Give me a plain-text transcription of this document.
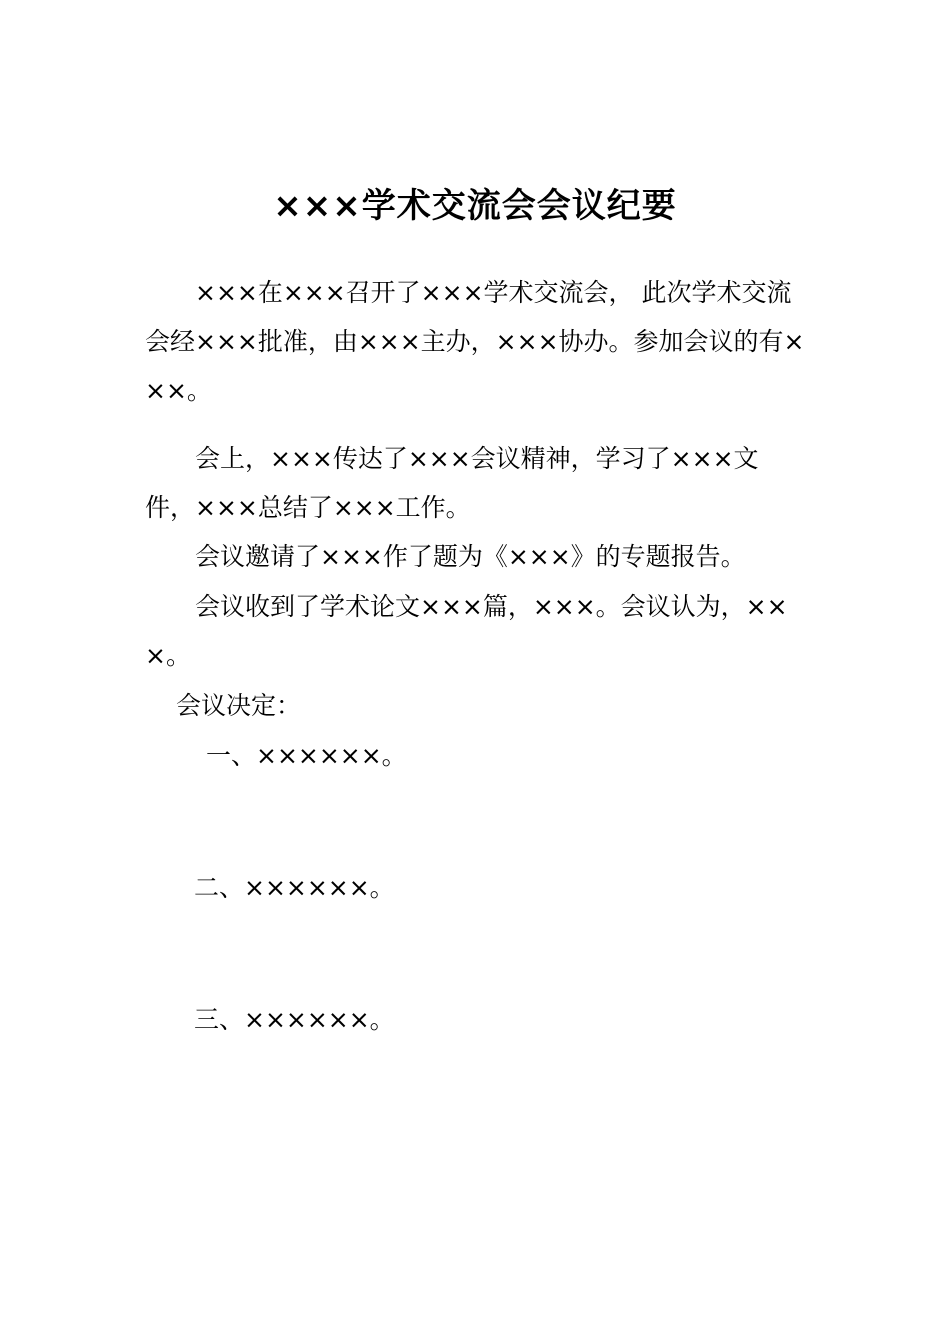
×××学术交流会会议纪要

×××在×××召开了×××学术交流会， 此次学术交流会经×××批准，由×××主办，×××协办。参加会议的有×××。

会上，×××传达了×××会议精神，学习了×××文件，×××总结了×××工作。

会议邀请了×××作了题为《×××》的专题报告。

会议收到了学术论文×××篇，×××。会议认为，×××。

会议决定：

一、××××××。

二、××××××。

三、××××××。
